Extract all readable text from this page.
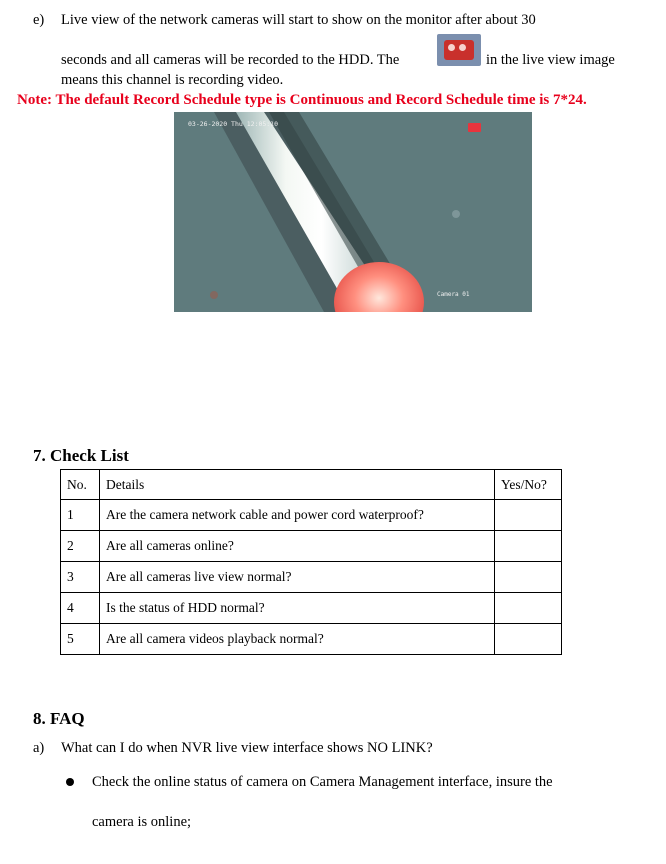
e) Live view of the network cameras will start to show on the monitor after about 30
seconds and all cameras will be recorded to the HDD. The	in the live view image
means this channel is recording video.
Note: The default Record Schedule type is Continuous and Record Schedule time is 7*24.
03-26-2020 Thu 12:05:10
Camera 01
7. Check List
No.	Details	Yes/No?
1	Are the camera network cable and power cord waterproof?	
2	Are all cameras online?	
3	Are all cameras live view normal?	
4	Is the status of HDD normal?	
5	Are all camera videos playback normal?	
8. FAQ
a) What can I do when NVR live view interface shows NO LINK?
Check the online status of camera on Camera Management interface, insure the
camera is online;
